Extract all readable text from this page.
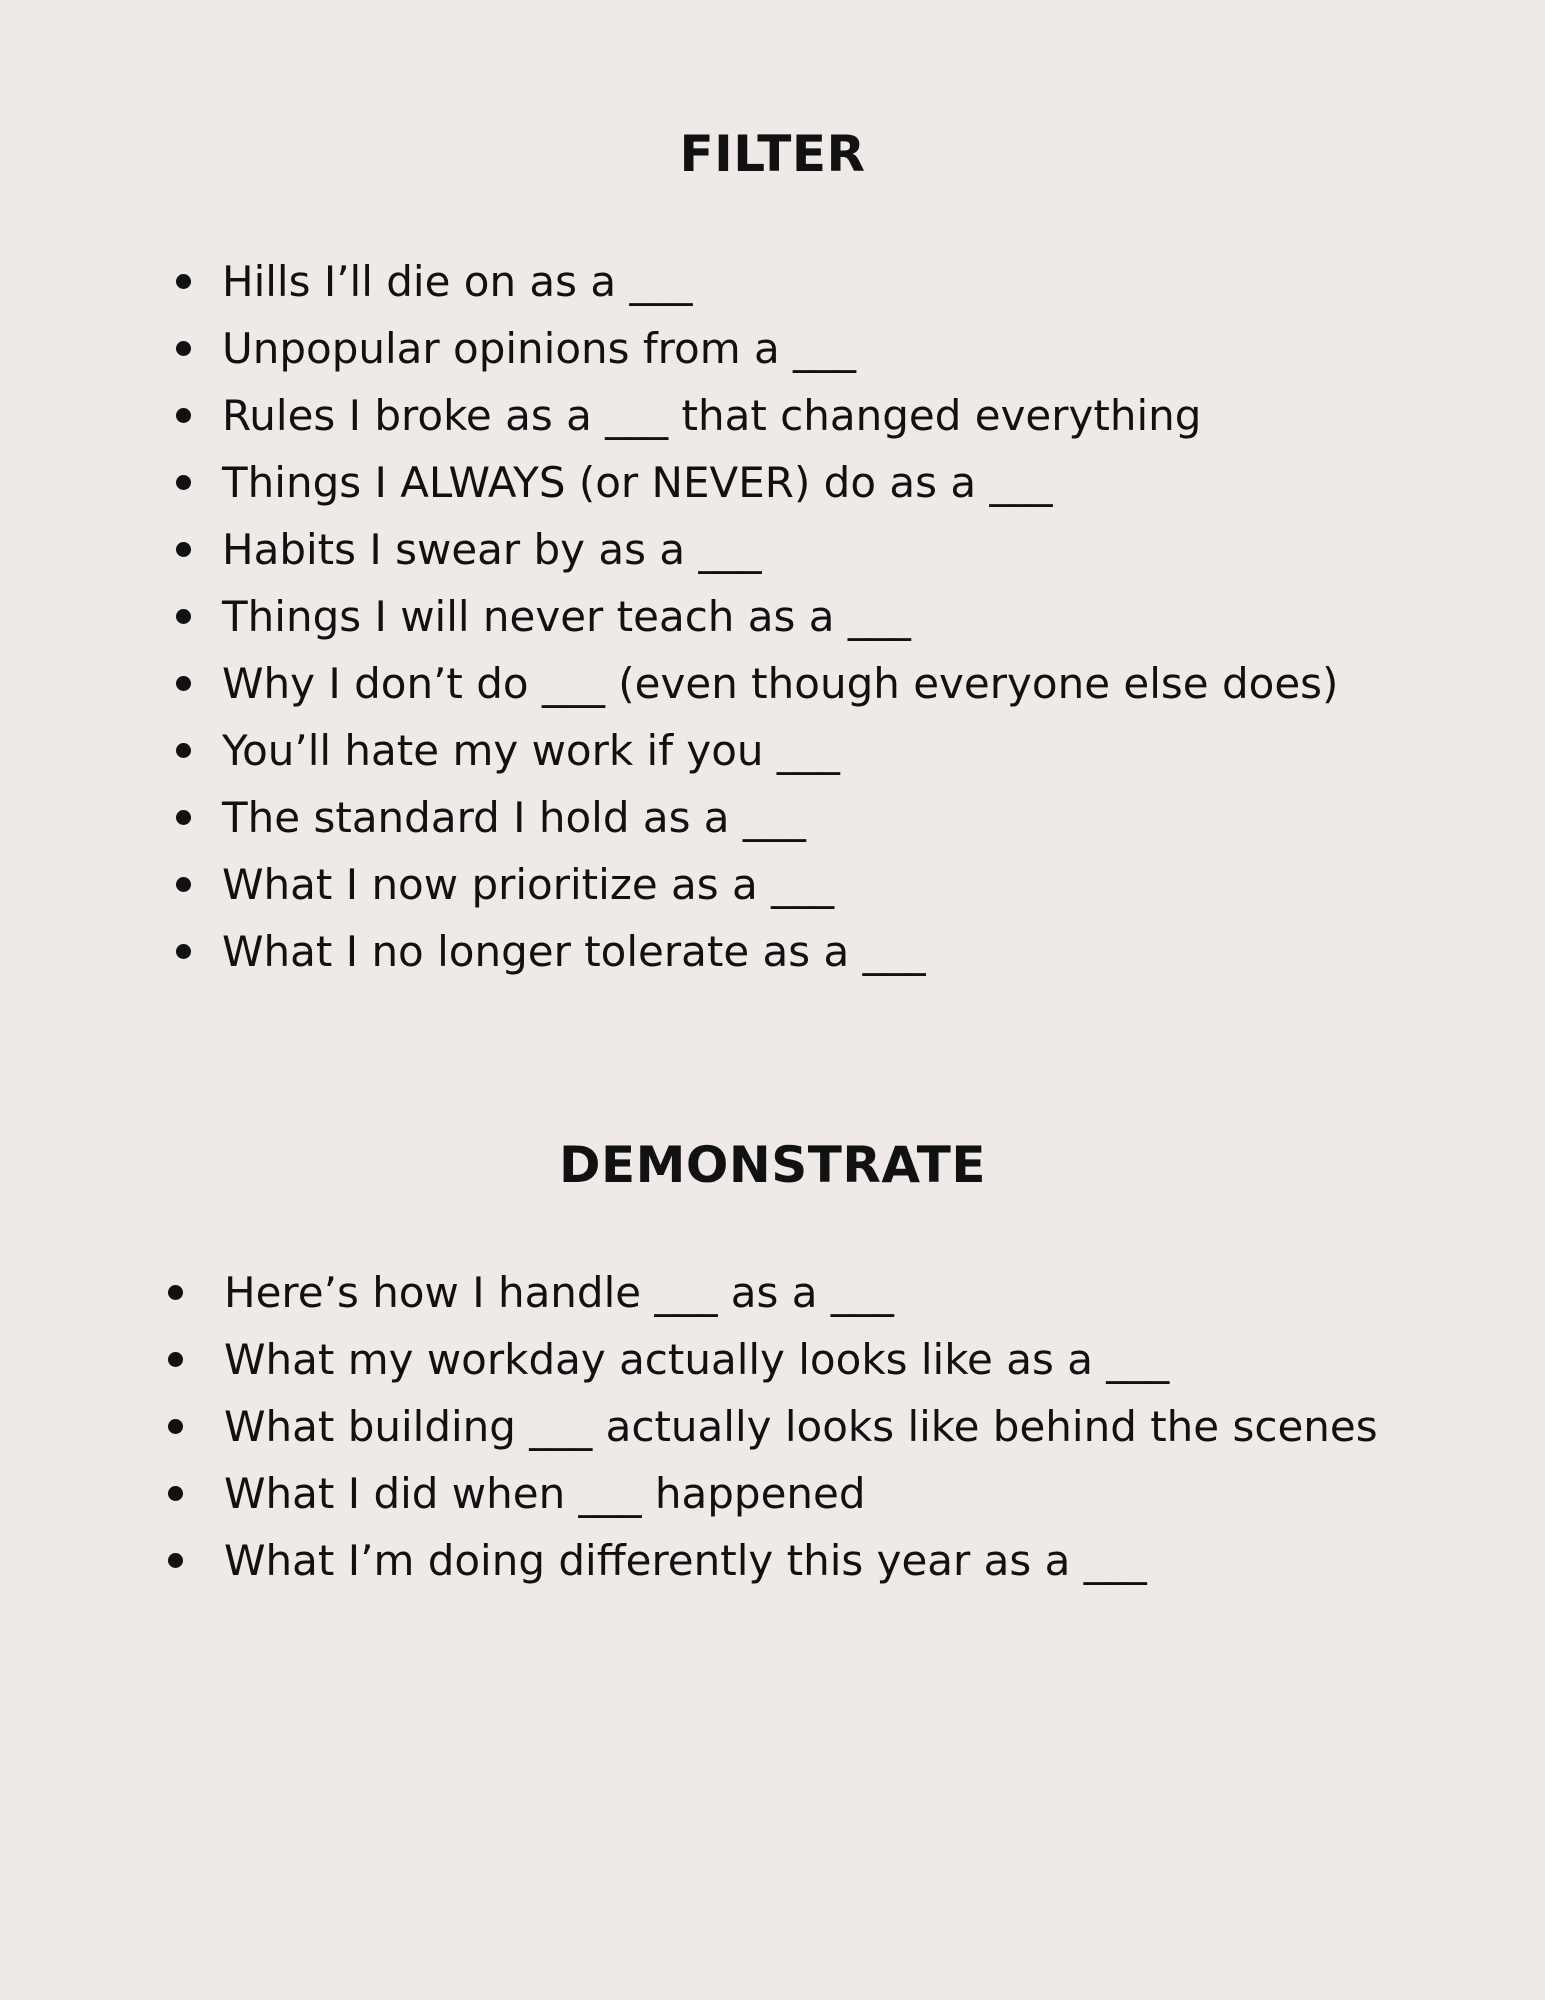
FILTER
Hills I’ll die on as a ___
Unpopular opinions from a ___
Rules I broke as a ___ that changed everything
Things I ALWAYS (or NEVER) do as a ___
Habits I swear by as a ___
Things I will never teach as a ___
Why I don’t do ___ (even though everyone else does)
You’ll hate my work if you ___
The standard I hold as a ___
What I now prioritize as a ___
What I no longer tolerate as a ___
DEMONSTRATE
Here’s how I handle ___ as a ___
What my workday actually looks like as a ___
What building ___ actually looks like behind the scenes
What I did when ___ happened
What I’m doing differently this year as a ___
